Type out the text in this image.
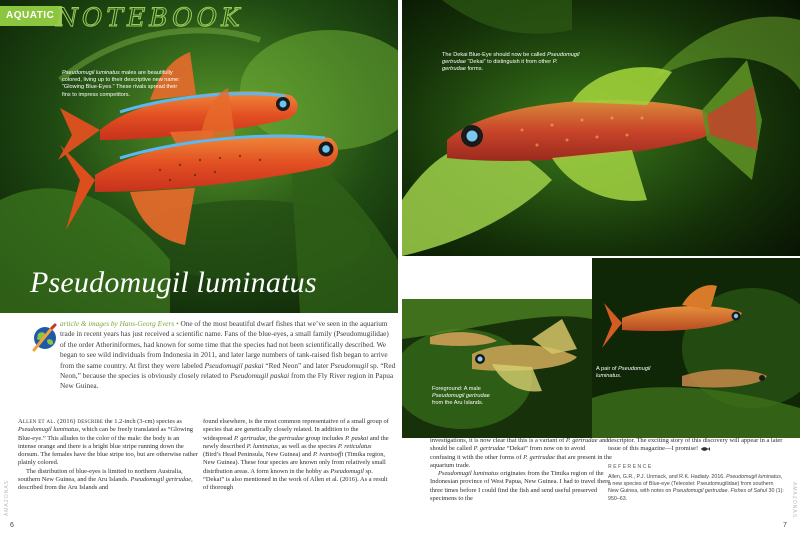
AQUATIC NOTEBOOK
Pseudomugil luminatus males are beautifully colored, living up to their descriptive new name: “Glowing Blue-Eyes.” These rivals spread their fins to impress competitors.
The Dekai Blue-Eye should now be called Pseudomugil gertrudae “Dekai” to distinguish it from other P. gertrudae forms.
A pair of Pseudomugil luminatus.
Foreground: A male Pseudomugil gertrudae from the Aru Islands.
Pseudomugil luminatus
article & images by Hans-Georg Evers • One of the most beautiful dwarf fishes that we’ve seen in the aquarium trade in recent years has just received a scientific name. Fans of the blue-eyes, a small family (Pseudomugilidae) of the order Atheriniformes, had known for some time that the species had not been scientifically described. We began to see wild individuals from Indonesia in 2011, and later large numbers of tank-raised fish began to arrive from the same country. At first they were labeled Pseudomugil paskai “Red Neon” and later Pseudomugil sp. “Red Neon,” because the species is obviously closely related to Pseudomugil paskai from the Fly River region in Papua New Guinea.
Allen et al. (2016) describe the 1.2-inch (3-cm) species as Pseudomugil luminatus, which can be freely translated as “Glowing Blue-eye.” This alludes to the color of the male: the body is an intense orange and there is a bright blue stripe running down the dorsum. The females have the blue stripe too, but are otherwise rather plainly colored.
The distribution of blue-eyes is limited to northern Australia, southern New Guinea, and the Aru Islands. Pseudomugil gertrudae, described from the Aru Islands and
found elsewhere, is the most common representative of a small group of species that are genetically closely related. In addition to the widespread P. gertrudae, the gertrudae group includes P. paskai and the newly described P. luminatus, as well as the species P. reticulatus (Bird’s Head Peninsula, New Guinea) and P. ivantsoffi (Timika region, New Guinea). These four species are known only from relatively small distribution areas. A form known in the hobby as Pseudomugil sp. “Dekai” is also mentioned in the work of Allen et al. (2016). As a result of thorough
investigations, it is now clear that this is a variant of P. gertrudae and should be called P. gertrudae “Dekai” from now on to avoid confusing it with the other forms of P. gertrudae that are present in the aquarium trade.
Pseudomugil luminatus originates from the Timika region of the Indonesian province of West Papua, New Guinea. I had to travel there three times before I could find the fish and send useful preserved specimens to the
descriptor. The exciting story of this discovery will appear in a later issue of this magazine—I promise!
REFERENCE
Allen, G.R., P.J. Unmack, and R.K. Hadiaty. 2016. Pseudomugil luminatus, a new species of Blue-eye (Teleostei: Pseudomugilidae) from southern New Guinea, with notes on Pseudomugil gertrudae. Fishes of Sahul 30 (1): 950–63.
6	7
AMAZONAS	AMAZONAS
